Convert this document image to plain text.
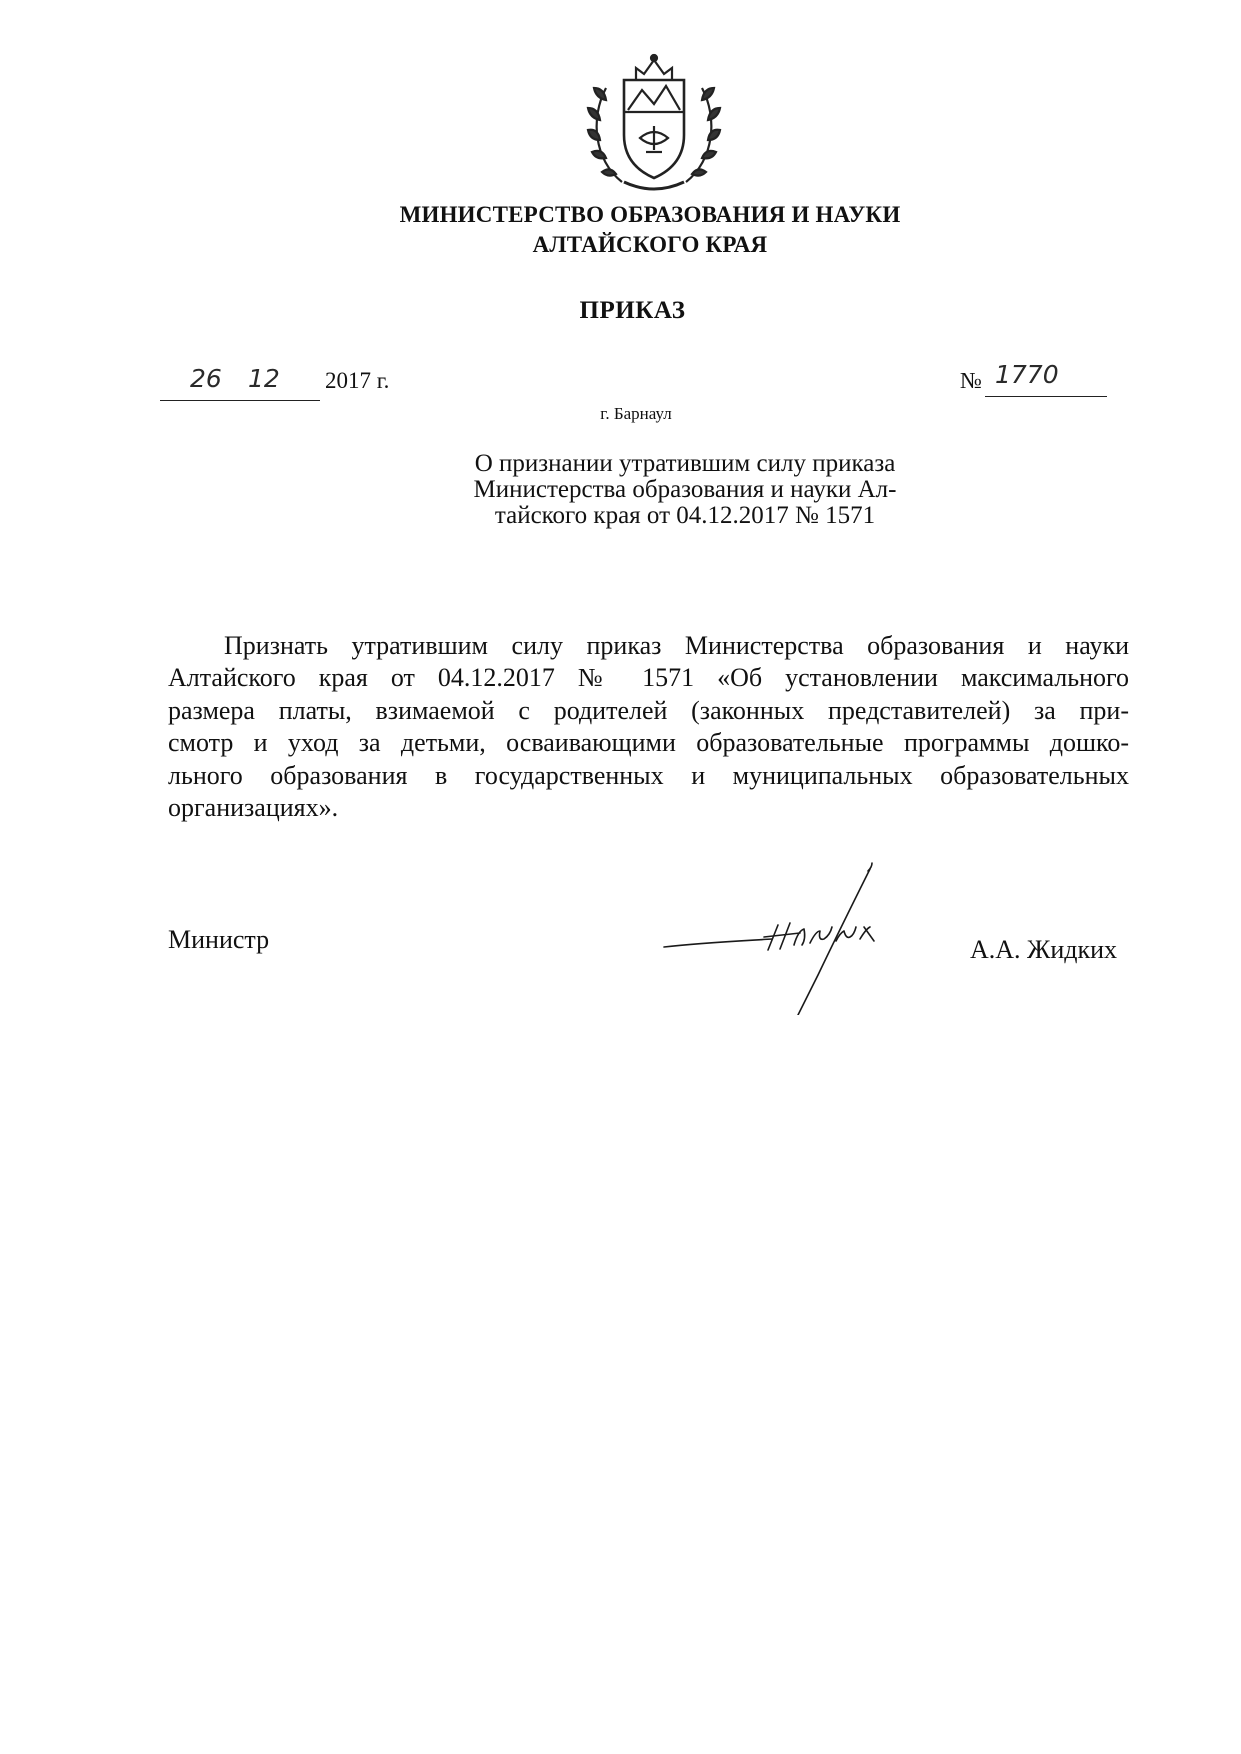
МИНИСТЕРСТВО ОБРАЗОВАНИЯ И НАУКИ
АЛТАЙСКОГО КРАЯ
ПРИКАЗ
26 12 2017 г.	№ 1770
г. Барнаул
О признании утратившим силу приказа
Министерства образования и науки Ал-
тайского края от 04.12.2017 № 1571
Признать утратившим силу приказ Министерства образования и науки
Алтайского края от 04.12.2017 № 1571 «Об установлении максимального
размера платы, взимаемой с родителей (законных представителей) за при-
смотр и уход за детьми, осваивающими образовательные программы дошко-
льного образования в государственных и муниципальных образовательных
организациях».
Министр	А.А. Жидких
